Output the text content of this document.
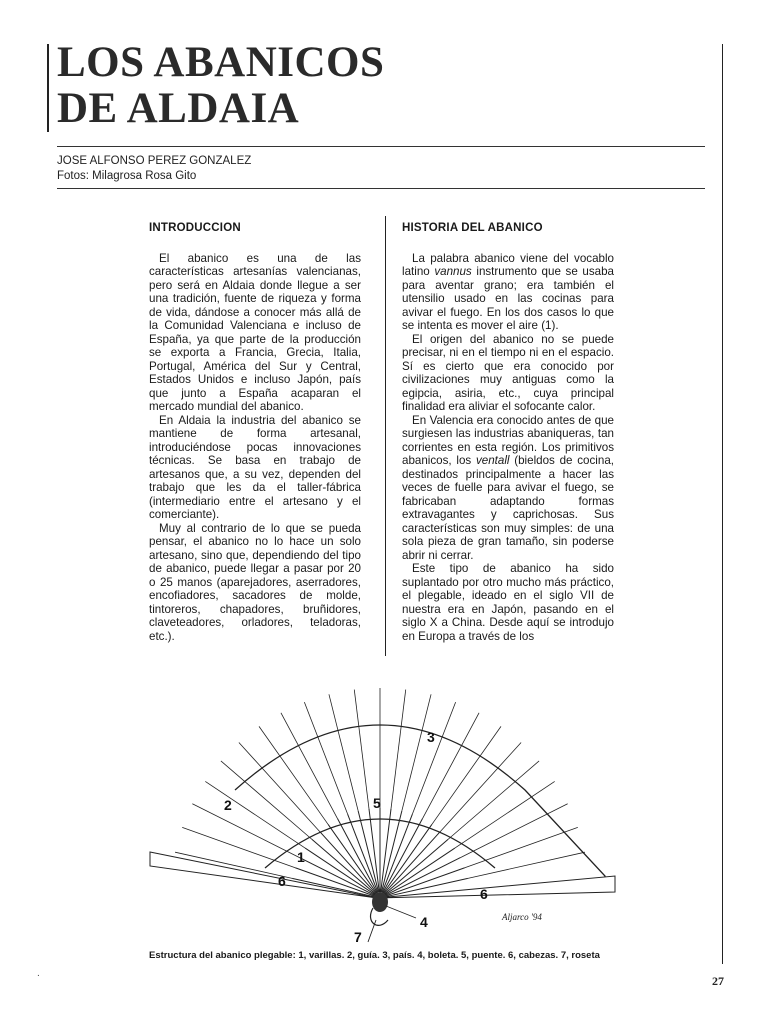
LOS ABANICOS
DE ALDAIA
JOSE ALFONSO PEREZ GONZALEZ
Fotos: Milagrosa Rosa Gito
INTRODUCCION

El abanico es una de las características artesanías valencianas, pero será en Aldaia donde llegue a ser una tradición, fuente de riqueza y forma de vida, dándose a conocer más allá de la Comunidad Valenciana e incluso de España, ya que parte de la producción se exporta a Francia, Grecia, Italia, Portugal, América del Sur y Central, Estados Unidos e incluso Japón, país que junto a España acaparan el mercado mundial del abanico.

En Aldaia la industria del abanico se mantiene de forma artesanal, introduciéndose pocas innovaciones técnicas. Se basa en trabajo de artesanos que, a su vez, dependen del trabajo que les da el taller-fábrica (intermediario entre el artesano y el comerciante).

Muy al contrario de lo que se pueda pensar, el abanico no lo hace un solo artesano, sino que, dependiendo del tipo de abanico, puede llegar a pasar por 20 o 25 manos (aparejadores, aserradores, encofiadores, sacadores de molde, tintoreros, chapadores, bruñidores, claveteadores, orladores, teladoras, etc.).

HISTORIA DEL ABANICO

La palabra abanico viene del vocablo latino vannus instrumento que se usaba para aventar grano; era también el utensilio usado en las cocinas para avivar el fuego. En los dos casos lo que se intenta es mover el aire (1).

El origen del abanico no se puede precisar, ni en el tiempo ni en el espacio. Sí es cierto que era conocido por civilizaciones muy antiguas como la egipcia, asiria, etc., cuya principal finalidad era aliviar el sofocante calor.

En Valencia era conocido antes de que surgiesen las industrias abaniqueras, tan corrientes en esta región. Los primitivos abanicos, los ventall (bieldos de cocina, destinados principalmente a hacer las veces de fuelle para avivar el fuego, se fabricaban adaptando formas extravagantes y caprichosas. Sus características son muy simples: de una sola pieza de gran tamaño, sin poderse abrir ni cerrar.

Este tipo de abanico ha sido suplantado por otro mucho más práctico, el plegable, ideado en el siglo VII de nuestra era en Japón, pasando en el siglo X a China. Desde aquí se introdujo en Europa a través de los

1
2
3
4
5
6
6
7
Aljarco '94
Estructura del abanico plegable: 1, varillas. 2, guía. 3, país. 4, boleta. 5, puente. 6, cabezas. 7, roseta
.
27
